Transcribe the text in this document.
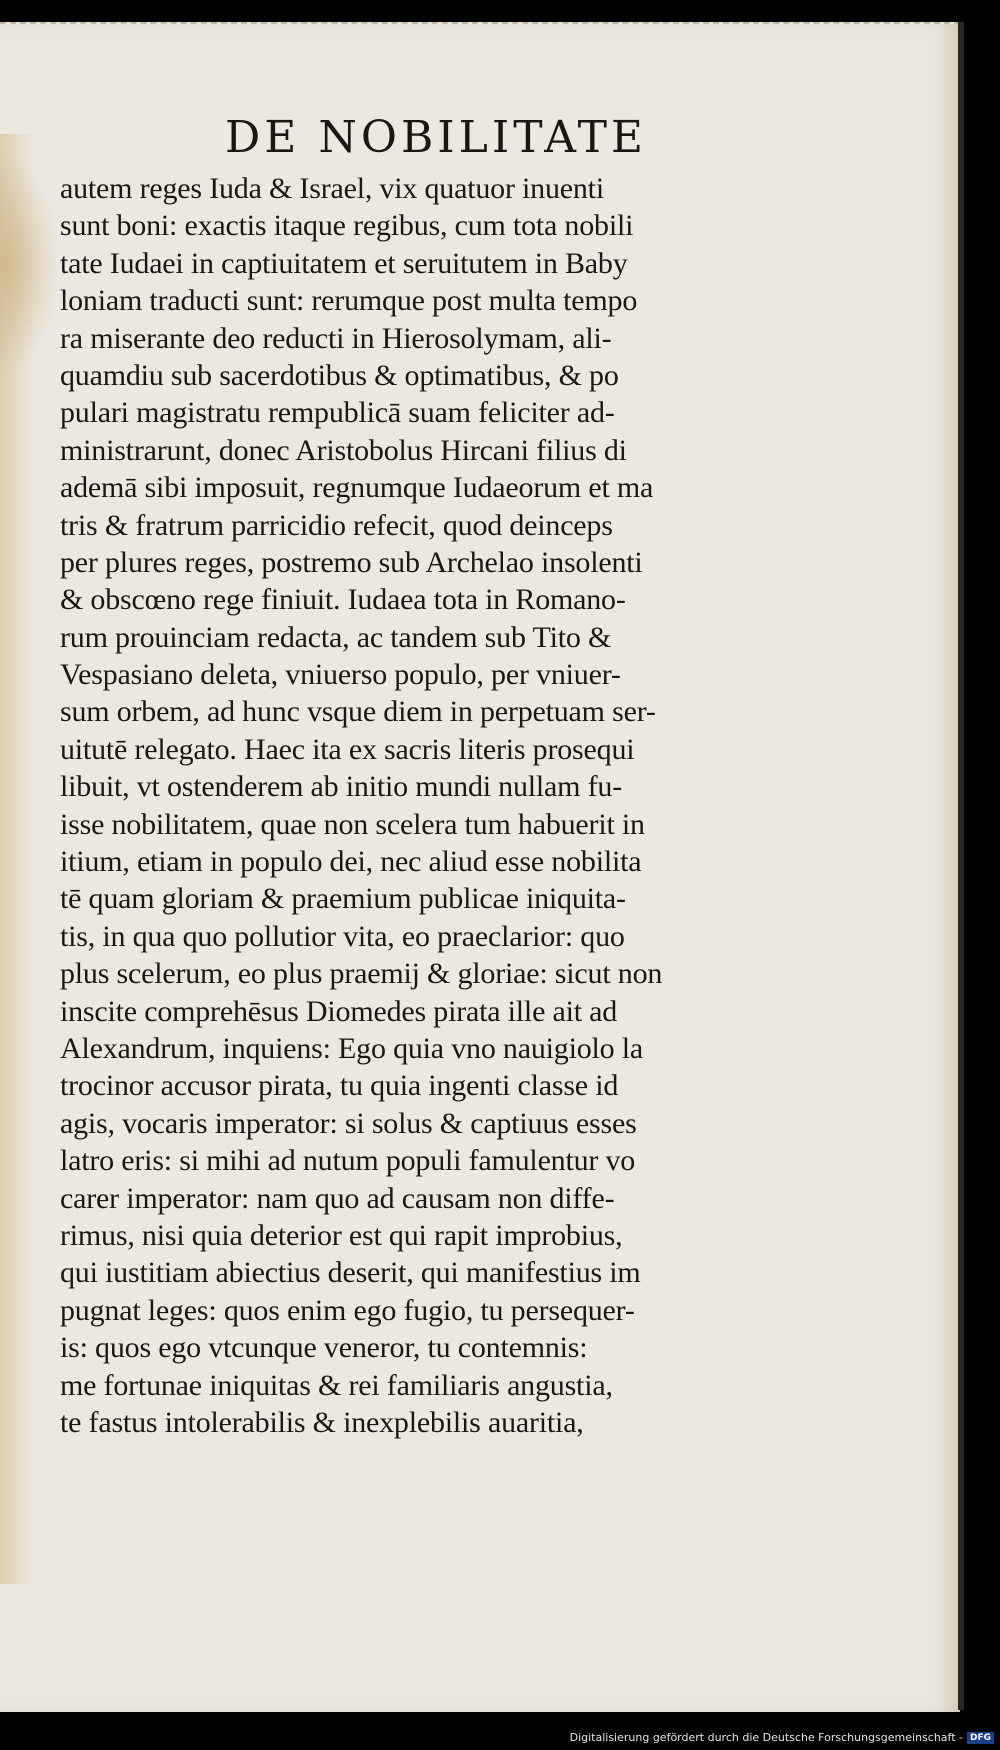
DE NOBILITATE
autem reges Iuda & Israel, vix quatuor inuenti
sunt boni: exactis itaque regibus, cum tota nobili
tate Iudaei in captiuitatem et seruitutem in Baby
loniam traducti sunt: rerumque post multa tempo
ra miserante deo reducti in Hierosolymam, ali-
quamdiu sub sacerdotibus & optimatibus, & po
pulari magistratu rempublicā suam feliciter ad-
ministrarunt, donec Aristobolus Hircani filius di
ademā sibi imposuit, regnumque Iudaeorum et ma
tris & fratrum parricidio refecit, quod deinceps
per plures reges, postremo sub Archelao insolenti
& obscœno rege finiuit. Iudaea tota in Romano-
rum prouinciam redacta, ac tandem sub Tito &
Vespasiano deleta, vniuerso populo, per vniuer-
sum orbem, ad hunc vsque diem in perpetuam ser-
uitutē relegato. Haec ita ex sacris literis prosequi
libuit, vt ostenderem ab initio mundi nullam fu-
isse nobilitatem, quae non scelera tum habuerit in
itium, etiam in populo dei, nec aliud esse nobilita
tē quam gloriam & praemium publicae iniquita-
tis, in qua quo pollutior vita, eo praeclarior: quo
plus scelerum, eo plus praemij & gloriae: sicut non
inscite comprehēsus Diomedes pirata ille ait ad
Alexandrum, inquiens: Ego quia vno nauigiolo la
trocinor accusor pirata, tu quia ingenti classe id
agis, vocaris imperator: si solus & captiuus esses
latro eris: si mihi ad nutum populi famulentur vo
carer imperator: nam quo ad causam non diffe-
rimus, nisi quia deterior est qui rapit improbius,
qui iustitiam abiectius deserit, qui manifestius im
pugnat leges: quos enim ego fugio, tu persequer-
is: quos ego vtcunque veneror, tu contemnis:
me fortunae iniquitas & rei familiaris angustia,
te fastus intolerabilis & inexplebilis auaritia,
Digitalisierung gefördert durch die Deutsche Forschungsgemeinschaft - DFG
